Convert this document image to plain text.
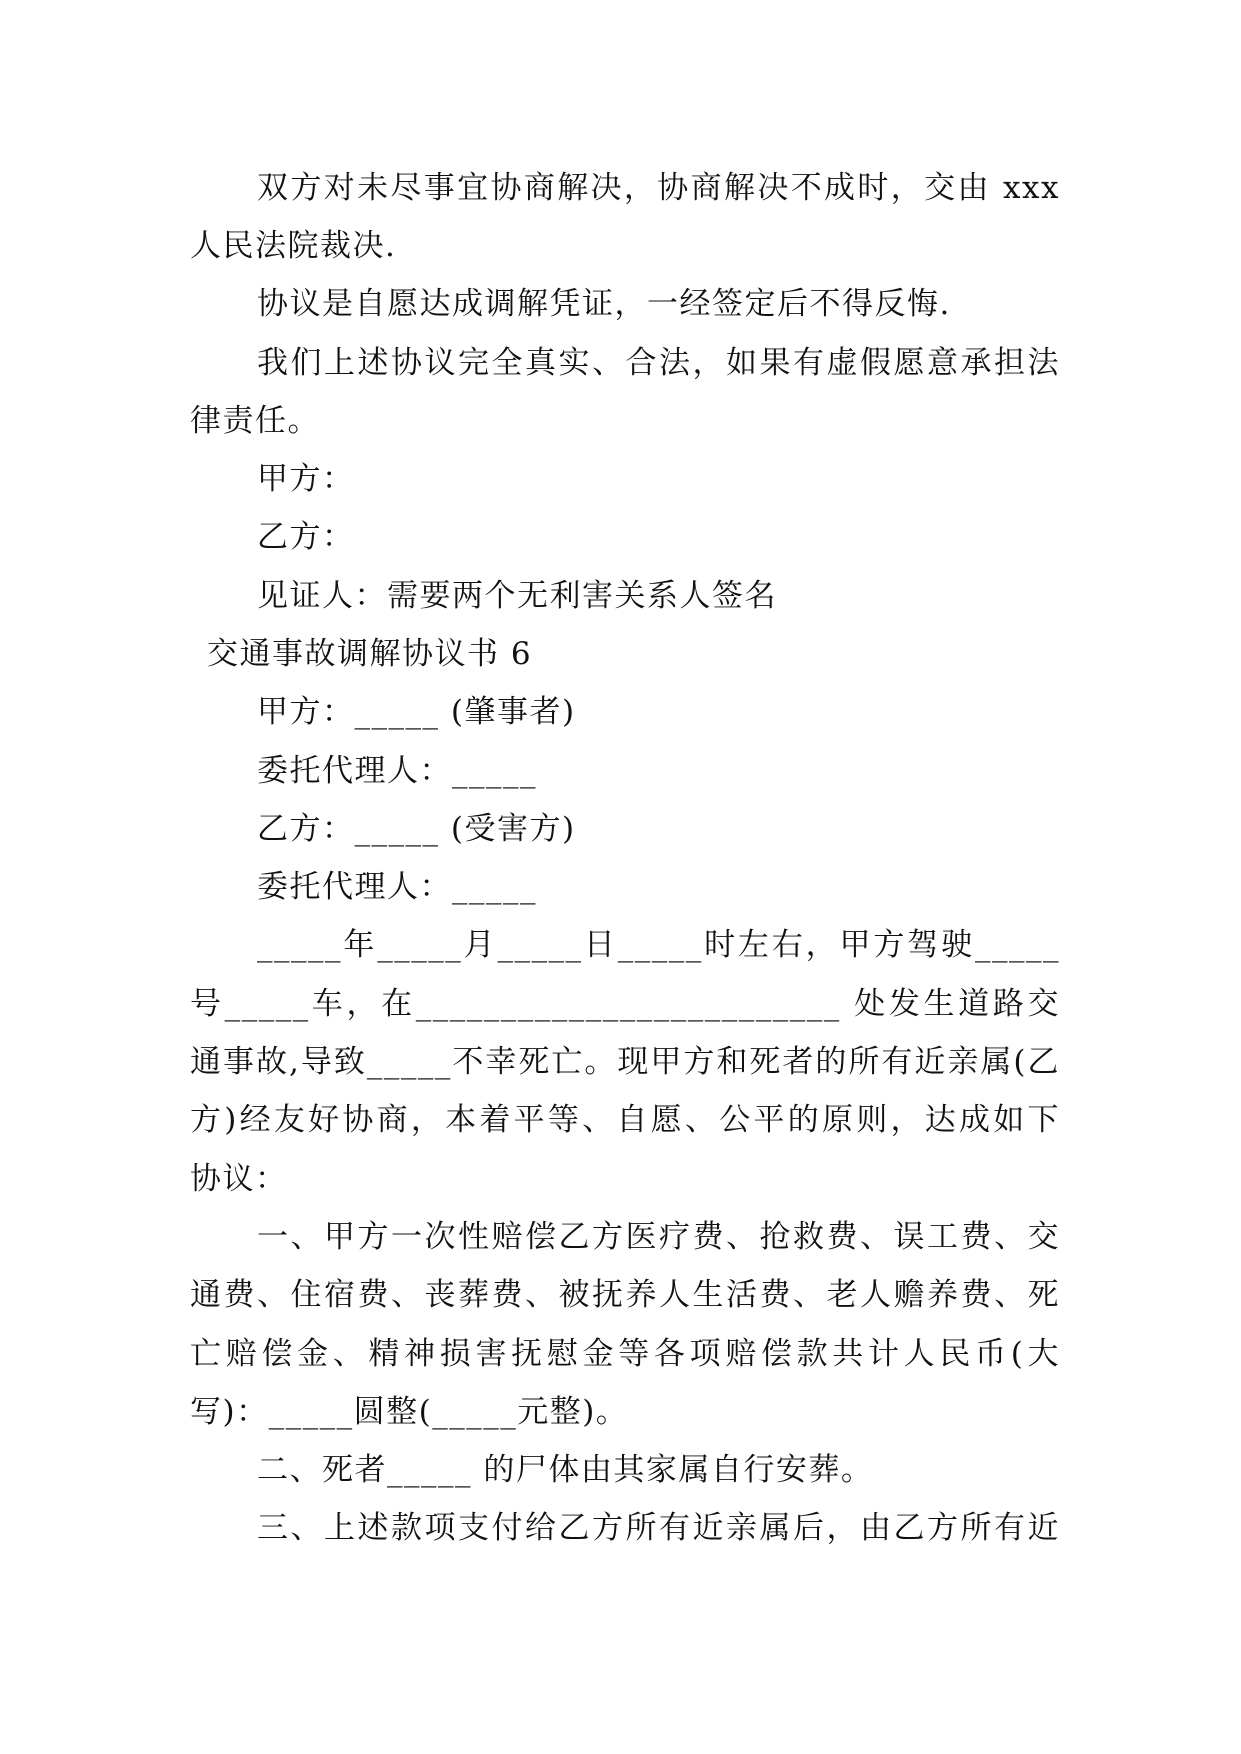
双方对未尽事宜协商解决，协商解决不成时，交由 xxx
人民法院裁决.
协议是自愿达成调解凭证，一经签定后不得反悔.
我们上述协议完全真实、合法，如果有虚假愿意承担法
律责任。
甲方：
乙方：
见证人：需要两个无利害关系人签名
交通事故调解协议书 6
甲方：_____ (肇事者)
委托代理人：_____
乙方：_____ (受害方)
委托代理人：_____
_____年_____月_____日_____时左右，甲方驾驶_____
号_____车，在_________________________ 处发生道路交
通事故,导致_____不幸死亡。现甲方和死者的所有近亲属(乙
方)经友好协商，本着平等、自愿、公平的原则，达成如下
协议：
一、甲方一次性赔偿乙方医疗费、抢救费、误工费、交
通费、住宿费、丧葬费、被抚养人生活费、老人赡养费、死
亡赔偿金、精神损害抚慰金等各项赔偿款共计人民币(大
写)：_____圆整(_____元整)。
二、死者_____ 的尸体由其家属自行安葬。
三、上述款项支付给乙方所有近亲属后，由乙方所有近
